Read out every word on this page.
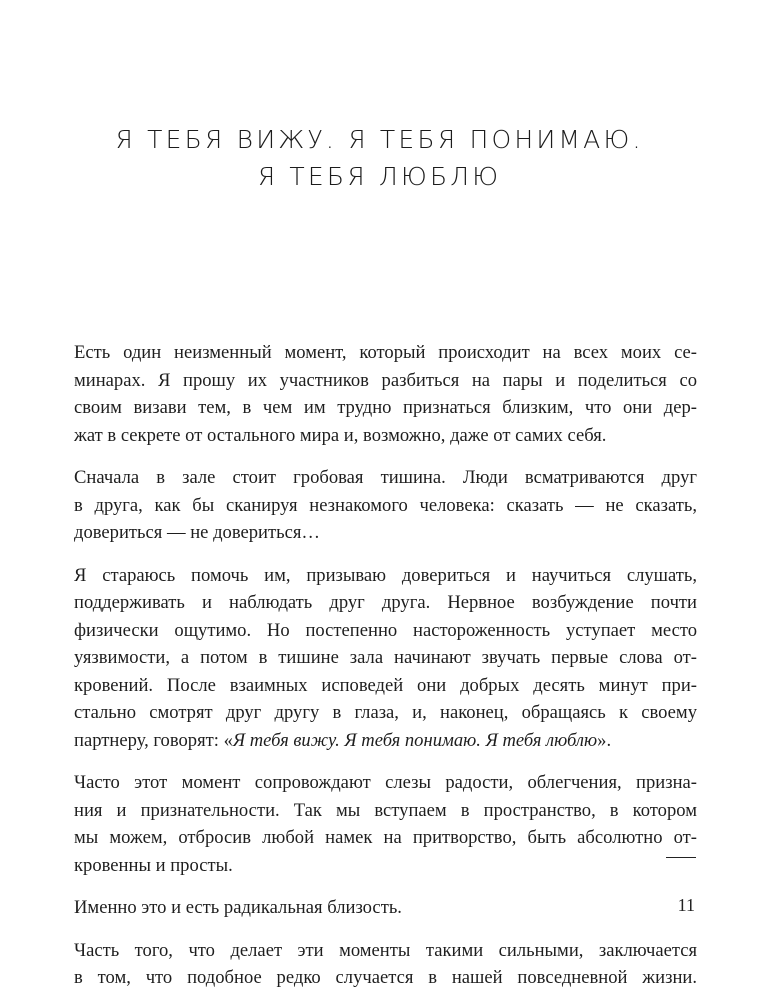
Я ТЕБЯ ВИЖУ. Я ТЕБЯ ПОНИМАЮ.
Я ТЕБЯ ЛЮБЛЮ

Есть один неизменный момент, который происходит на всех моих се-
минарах. Я прошу их участников разбиться на пары и поделиться со
своим визави тем, в чем им трудно признаться близким, что они дер-
жат в секрете от остального мира и, возможно, даже от самих себя.

Сначала в зале стоит гробовая тишина. Люди всматриваются друг
в друга, как бы сканируя незнакомого человека: сказать — не сказать,
довериться — не довериться…

Я стараюсь помочь им, призываю довериться и научиться слушать,
поддерживать и наблюдать друг друга. Нервное возбуждение почти
физически ощутимо. Но постепенно настороженность уступает место
уязвимости, а потом в тишине зала начинают звучать первые слова от-
кровений. После взаимных исповедей они добрых десять минут при-
стально смотрят друг другу в глаза, и, наконец, обращаясь к своему
партнеру, говорят: «Я тебя вижу. Я тебя понимаю. Я тебя люблю».

Часто этот момент сопровождают слезы радости, облегчения, призна-
ния и признательности. Так мы вступаем в пространство, в котором
мы можем, отбросив любой намек на притворство, быть абсолютно от-
кровенны и просты.

Именно это и есть радикальная близость.

Часть того, что делает эти моменты такими сильными, заключается
в том, что подобное редко случается в нашей повседневной жизни.

11
